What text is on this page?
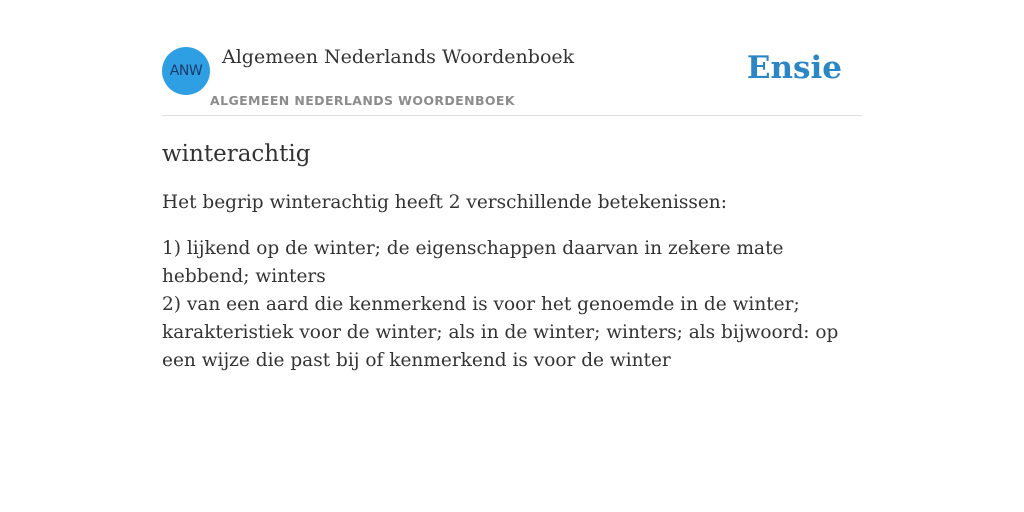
ANW
Algemeen Nederlands Woordenboek
ALGEMEEN NEDERLANDS WOORDENBOEK
Ensie
winterachtig

Het begrip winterachtig heeft 2 verschillende betekenissen:

1) lijkend op de winter; de eigenschappen daarvan in zekere mate hebbend; winters
2) van een aard die kenmerkend is voor het genoemde in de winter; karakteristiek voor de winter; als in de winter; winters; als bijwoord: op een wijze die past bij of kenmerkend is voor de winter
